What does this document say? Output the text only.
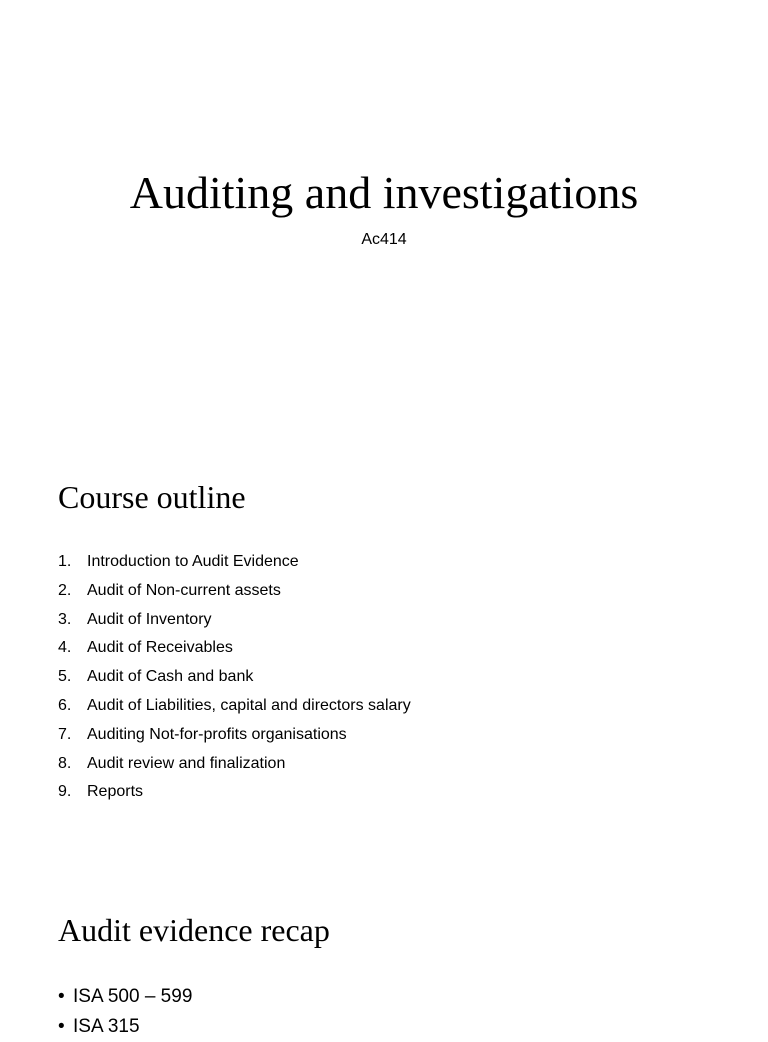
Auditing and investigations
Ac414
Course outline
1. Introduction to Audit Evidence
2. Audit of Non-current assets
3. Audit of Inventory
4. Audit of Receivables
5. Audit of Cash and bank
6. Audit of Liabilities, capital and directors salary
7. Auditing Not-for-profits organisations
8. Audit review and finalization
9. Reports
Audit evidence recap
• ISA 500 – 599
• ISA 315
